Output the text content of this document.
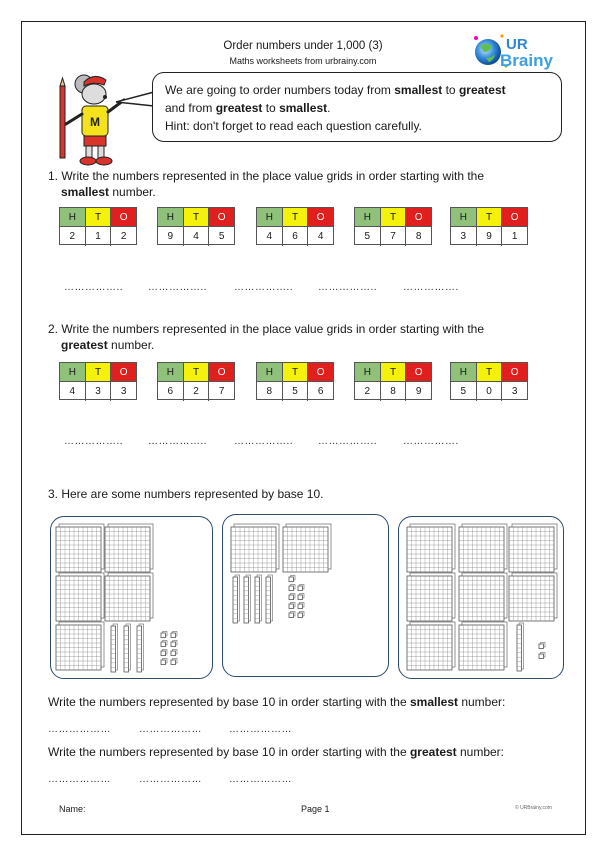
Order numbers under 1,000 (3)
Maths worksheets from urbrainy.com
UR
Brainy
M
We are going to order numbers today from smallest to greatest
and from greatest to smallest.
Hint: don't forget to read each question carefully.
1. Write the numbers represented in the place value grids in order starting with the
smallest number.
H	T	O
2	1	2
H	T	O
9	4	5
H	T	O
4	6	4
H	T	O
5	7	8
H	T	O
3	9	1
…………….. ……………..	…………….. ……………..	…………….
2. Write the numbers represented in the place value grids in order starting with the
greatest number.
H	T	O
4	3	3
H	T	O
6	2	7
H	T	O
8	5	6
H	T	O
2	8	9
H	T	O
5	0	3
…………….. ……………..	…………….. ……………..	…………….
3. Here are some numbers represented by base 10.
Write the numbers represented by base 10 in order starting with the smallest number:
………………	………………	………………
Write the numbers represented by base 10 in order starting with the greatest number:
………………	………………	………………
Name:	Page 1	© URBrainy.com
